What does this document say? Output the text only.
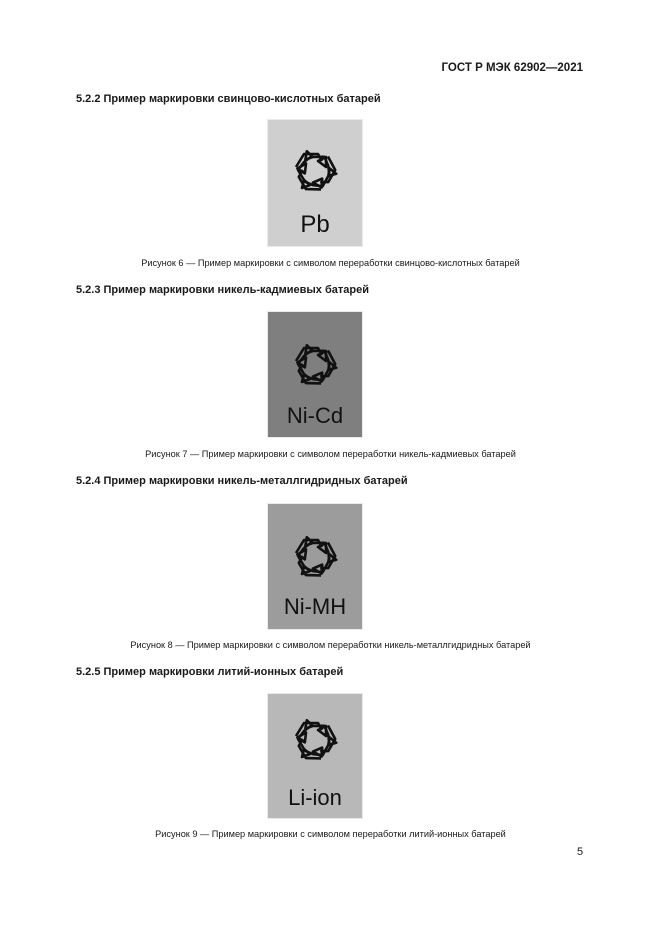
ГОСТ Р МЭК 62902—2021
5.2.2 Пример маркировки свинцово-кислотных батарей
Pb
Рисунок 6 — Пример маркировки с символом переработки свинцово-кислотных батарей
5.2.3 Пример маркировки никель-кадмиевых батарей
Ni-Cd
Рисунок 7 — Пример маркировки с символом переработки никель-кадмиевых батарей
5.2.4 Пример маркировки никель-металлгидридных батарей
Ni-MH
Рисунок 8 — Пример маркировки с символом переработки никель-металлгидридных батарей
5.2.5 Пример маркировки литий-ионных батарей
Li-ion
Рисунок 9 — Пример маркировки с символом переработки литий-ионных батарей
5
